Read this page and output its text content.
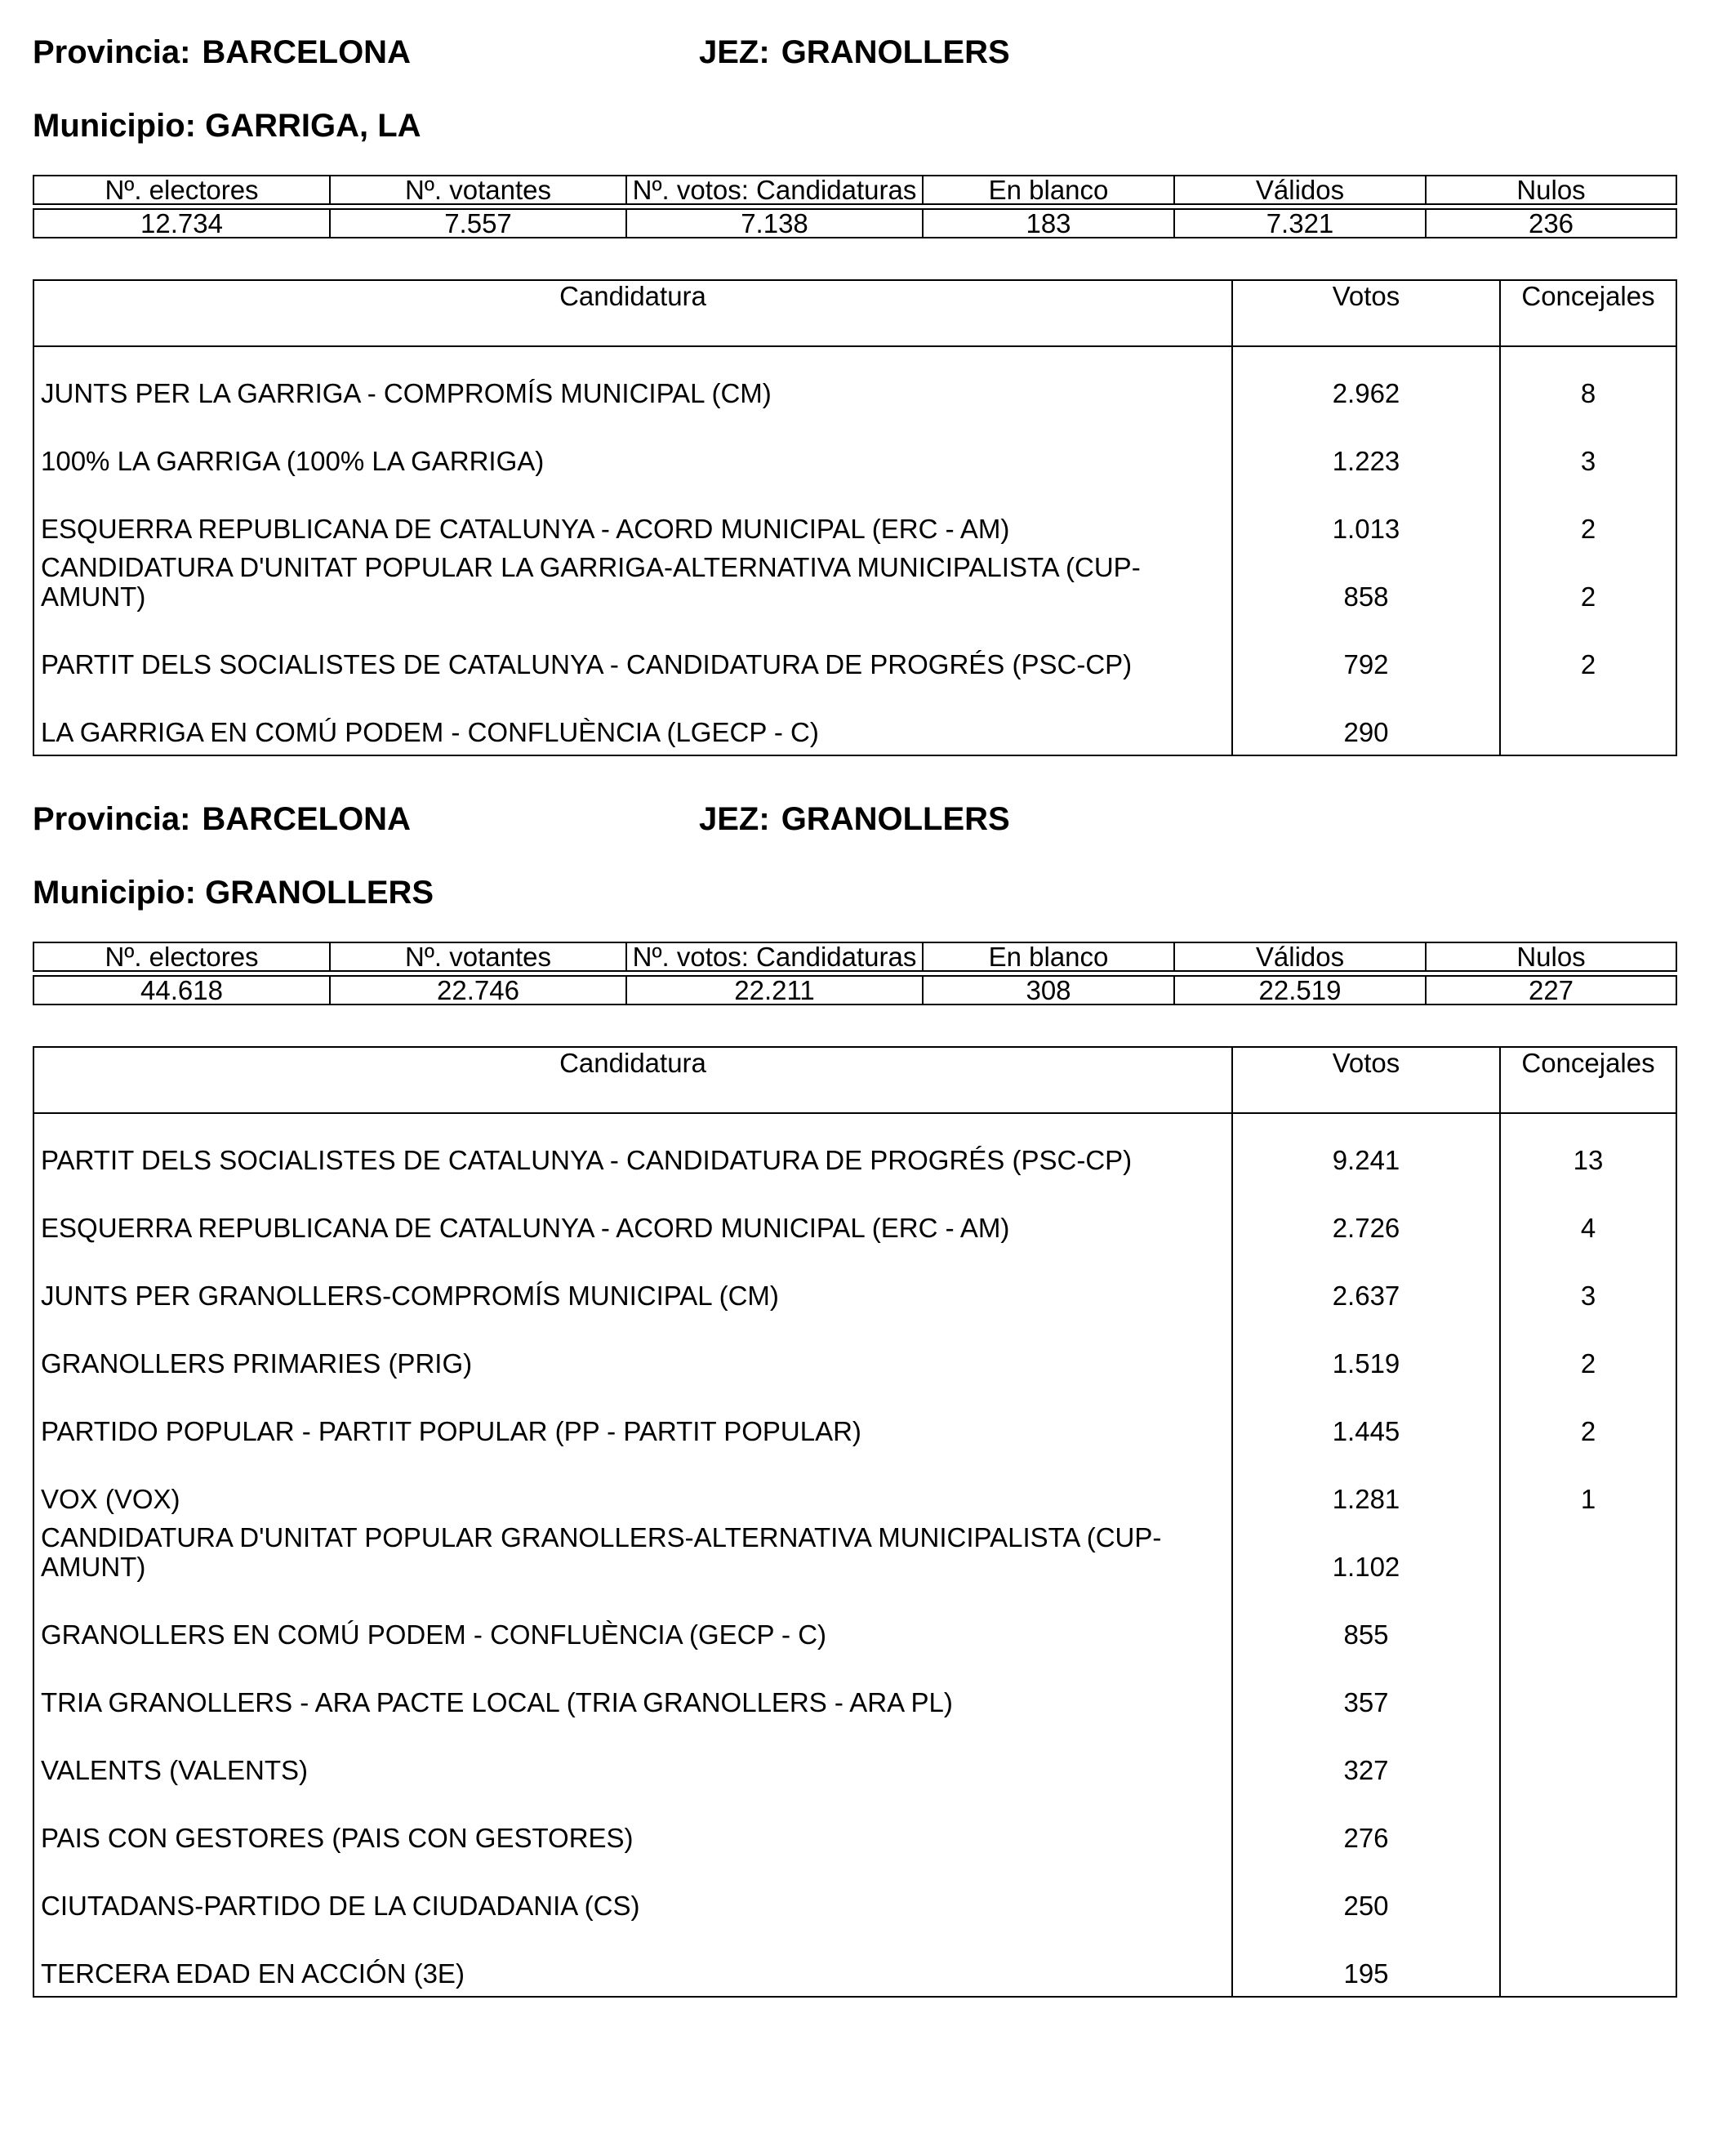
Provincia: BARCELONA	JEZ: GRANOLLERS
Municipio: GARRIGA, LA
Nº. electores	Nº. votantes	Nº. votos: Candidaturas	En blanco	Válidos	Nulos

12.734	7.557	7.138	183	7.321	236
Candidatura	Votos	Concejales
JUNTS PER LA GARRIGA - COMPROMÍS MUNICIPAL (CM)	2.962	8
100% LA GARRIGA (100% LA GARRIGA)	1.223	3
ESQUERRA REPUBLICANA DE CATALUNYA - ACORD MUNICIPAL (ERC - AM)	1.013	2
CANDIDATURA D'UNITAT POPULAR LA GARRIGA-ALTERNATIVA MUNICIPALISTA (CUP-AMUNT)	858	2
PARTIT DELS SOCIALISTES DE CATALUNYA - CANDIDATURA DE PROGRÉS (PSC-CP)	792	2
LA GARRIGA EN COMÚ PODEM - CONFLUÈNCIA (LGECP - C)	290	
Provincia: BARCELONA	JEZ: GRANOLLERS
Municipio: GRANOLLERS
Nº. electores	Nº. votantes	Nº. votos: Candidaturas	En blanco	Válidos	Nulos

44.618	22.746	22.211	308	22.519	227
Candidatura	Votos	Concejales
PARTIT DELS SOCIALISTES DE CATALUNYA - CANDIDATURA DE PROGRÉS (PSC-CP)	9.241	13
ESQUERRA REPUBLICANA DE CATALUNYA - ACORD MUNICIPAL (ERC - AM)	2.726	4
JUNTS PER GRANOLLERS-COMPROMÍS MUNICIPAL (CM)	2.637	3
GRANOLLERS PRIMARIES (PRIG)	1.519	2
PARTIDO POPULAR - PARTIT POPULAR (PP - PARTIT POPULAR)	1.445	2
VOX (VOX)	1.281	1
CANDIDATURA D'UNITAT POPULAR GRANOLLERS-ALTERNATIVA MUNICIPALISTA (CUP-AMUNT)	1.102	
GRANOLLERS EN COMÚ PODEM - CONFLUÈNCIA (GECP - C)	855	
TRIA GRANOLLERS - ARA PACTE LOCAL (TRIA GRANOLLERS - ARA PL)	357	
VALENTS (VALENTS)	327	
PAIS CON GESTORES (PAIS CON GESTORES)	276	
CIUTADANS-PARTIDO DE LA CIUDADANIA (CS)	250	
TERCERA EDAD EN ACCIÓN (3E)	195	
